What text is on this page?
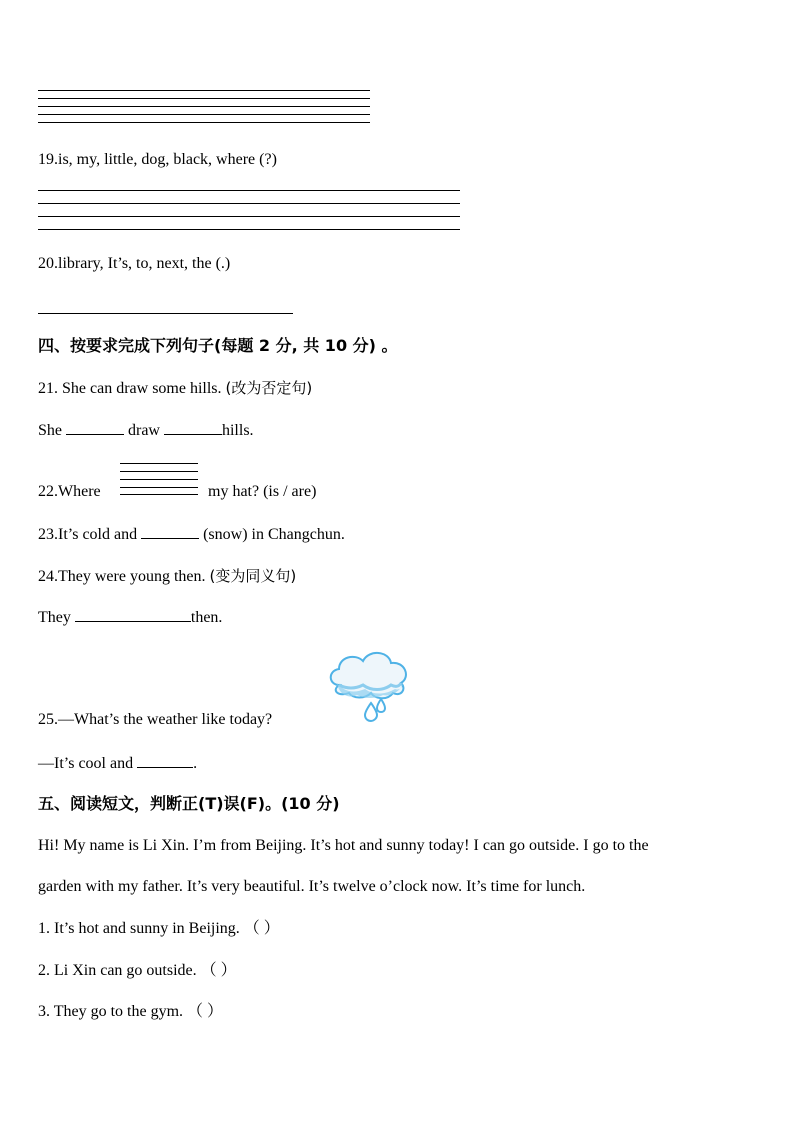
19.is, my, little, dog, black, where (?)
20.library, It’s, to, next, the (.)
四、按要求完成下列句子(每题 2 分, 共 10 分) 。
21. She can draw some hills. (改为否定句)
She	draw	hills.
22.Where	my hat? (is / are)
23.It’s cold and	(snow) in Changchun.
24.They were young then. (变为同义句)
They	then.
25.—What’s the weather like today?
—It’s cool and	.
五、阅读短文，判断正(T)误(F)。(10 分)
Hi! My name is Li Xin. I’m from Beijing. It’s hot and sunny today! I can go outside. I go to the
garden with my father. It’s very beautiful. It’s twelve o’clock now. It’s time for lunch.
1. It’s hot and sunny in Beijing. （ ）
2. Li Xin can go outside. （ ）
3. They go to the gym. （ ）
